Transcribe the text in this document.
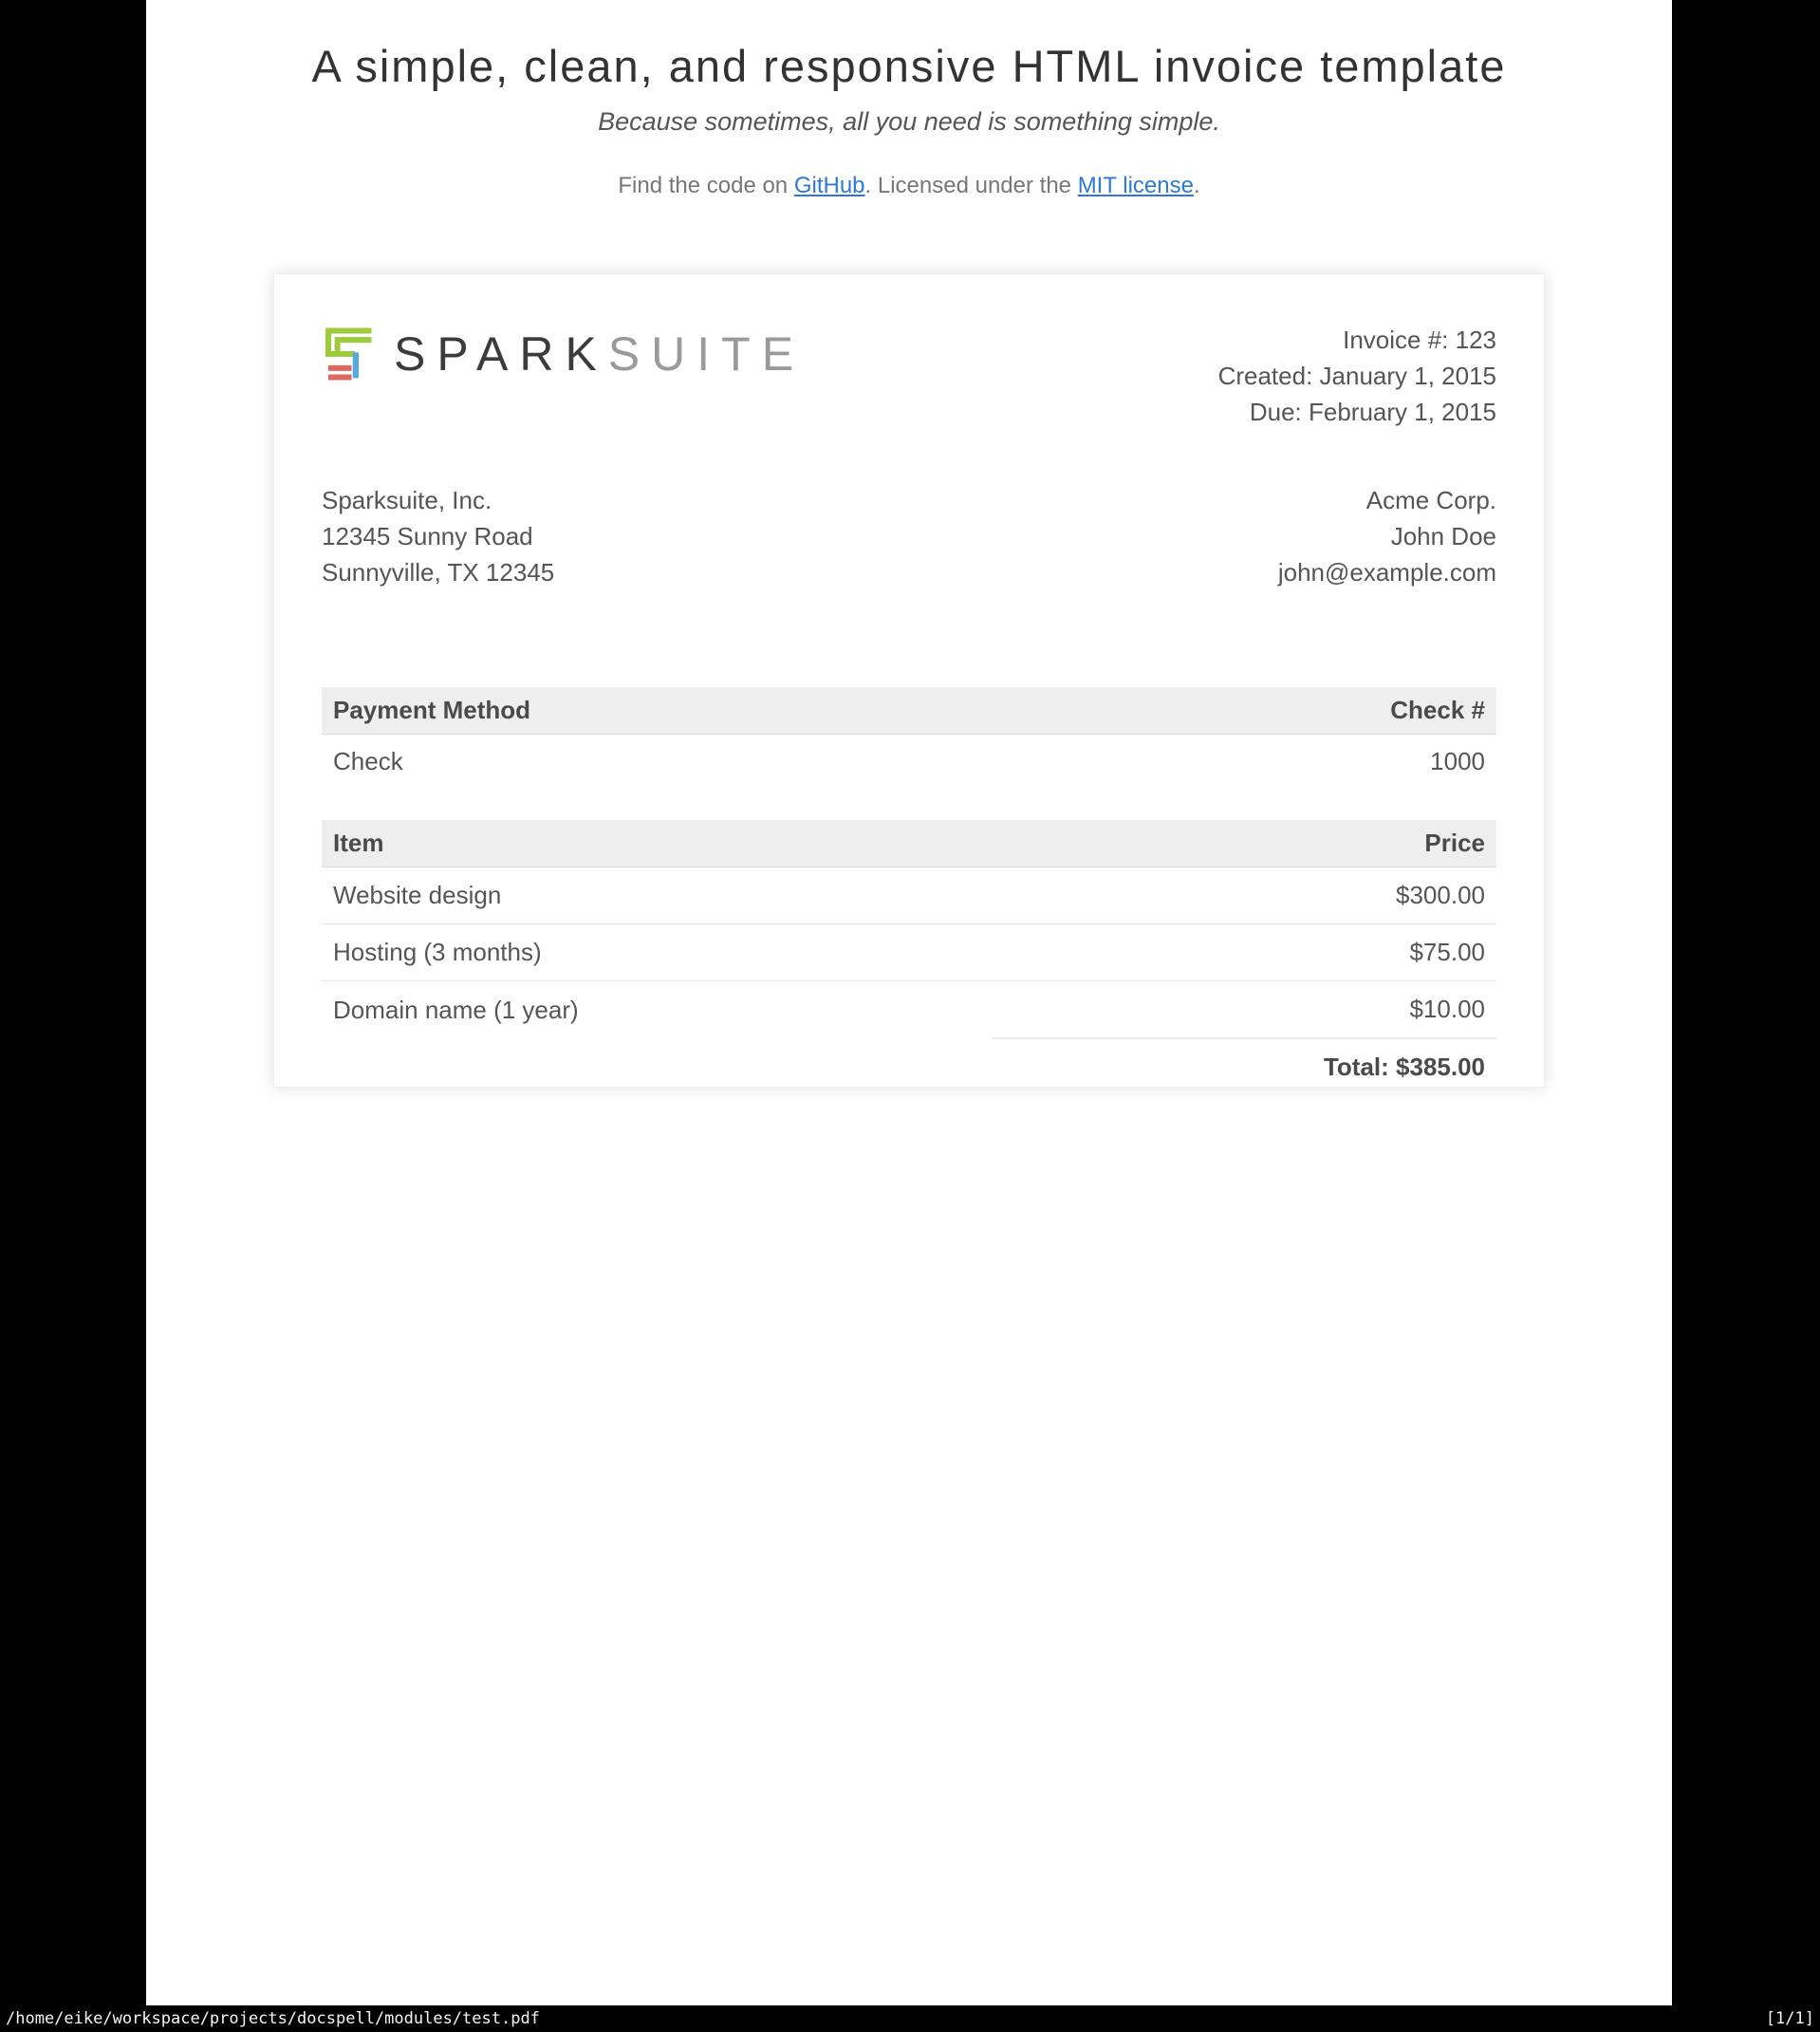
A simple, clean, and responsive HTML invoice template
Because sometimes, all you need is something simple.
Find the code on GitHub. Licensed under the MIT license.
SPARKSUITE	Invoice #: 123
Created: January 1, 2015
Due: February 1, 2015
Sparksuite, Inc.
12345 Sunny Road
Sunnyville, TX 12345
Acme Corp.
John Doe
john@example.com
Payment Method	Check #
Check	1000
Item	Price
Website design	$300.00
Hosting (3 months)	$75.00
Domain name (1 year)	$10.00
	Total: $385.00
/home/eike/workspace/projects/docspell/modules/test.pdf	[1/1]
